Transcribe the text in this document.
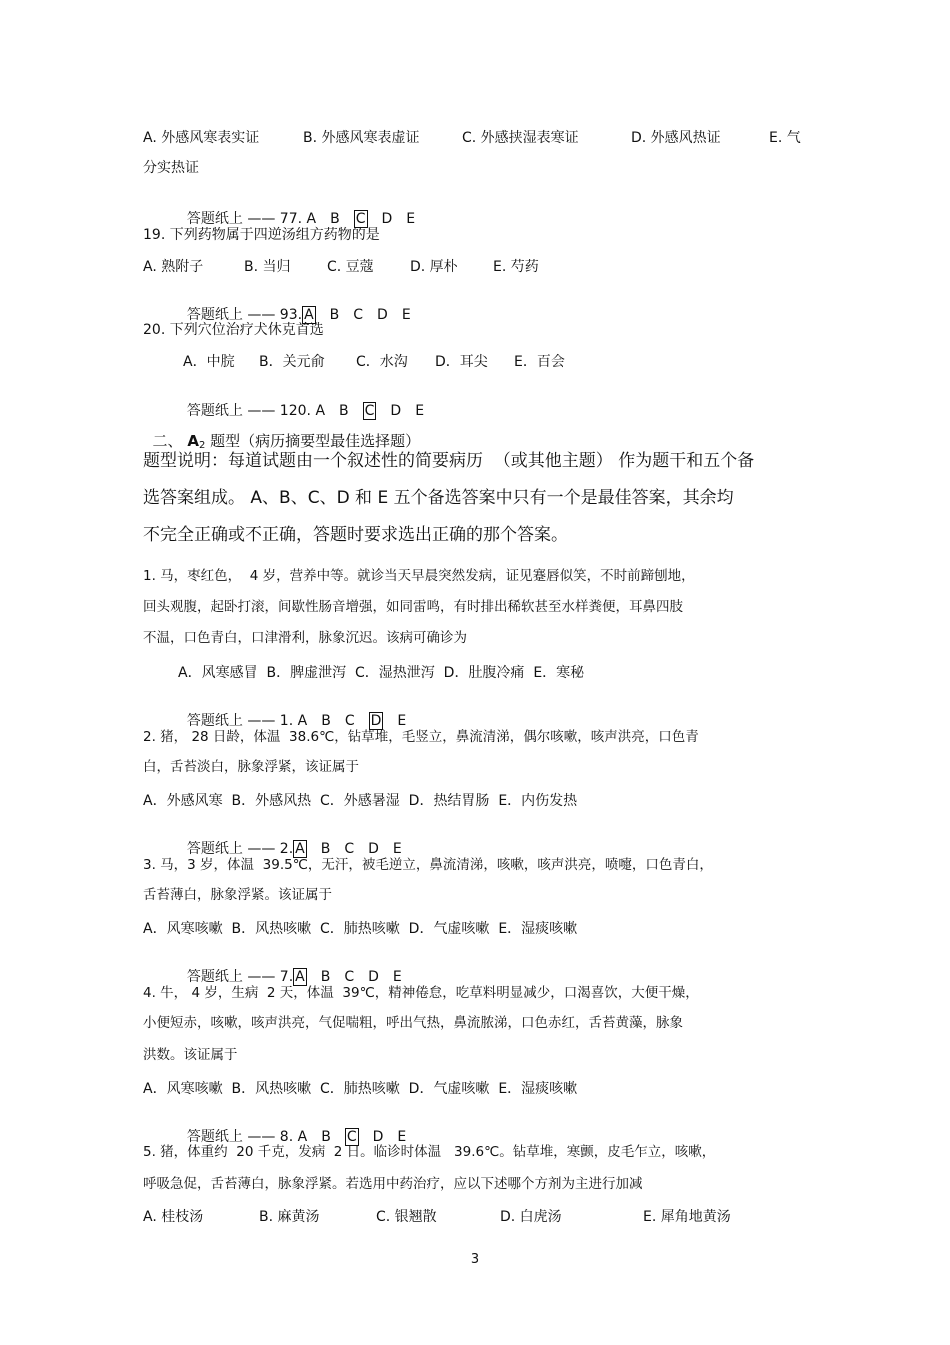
A. 外感风寒表实证	B. 外感风寒表虚证	C. 外感挟湿表寒证	D. 外感风热证	E. 气
分实热证

答题纸上 —— 77. A B C D E

19. 下列药物属于四逆汤组方药物的是
A. 熟附子	B. 当归	C. 豆蔻	D. 厚朴	E. 芍药

答题纸上 —— 93. A B C D E

20. 下列穴位治疗犬休克首选
A．中脘 B．关元俞 C．水沟 D．耳尖 E．百会

答题纸上 —— 120. A B C D E

二、 $A_2$ 题型（病历摘要型最佳选择题）

题型说明：每道试题由一个叙述性的简要病历  （或其他主题） 作为题干和五个备
选答案组成。 A、B、C、D 和 E 五个备选答案中只有一个是最佳答案，其余均
不完全正确或不正确，答题时要求选出正确的那个答案。
1. 马，枣红色，  4 岁，营养中等。就诊当天早晨突然发病，证见蹇唇似笑，不时前蹄刨地，
回头观腹，起卧打滚，间歇性肠音增强，如同雷鸣，有时排出稀软甚至水样粪便，耳鼻四肢
不温，口色青白，口津滑利，脉象沉迟。该病可确诊为
A．风寒感冒  B．脾虚泄泻  C．湿热泄泻  D．肚腹冷痛  E．寒秘

答题纸上 —— 1. A B C D E

2. 猪， 28 日龄，体温  38.6℃，钻草堆，毛竖立，鼻流清涕，偶尔咳嗽，咳声洪亮，口色青
白，舌苔淡白，脉象浮紧，该证属于
A．外感风寒  B．外感风热  C．外感暑湿  D．热结胃肠  E．内伤发热

答题纸上 —— 2. A B C D E

3. 马，3 岁，体温  39.5℃，无汗，被毛逆立，鼻流清涕，咳嗽，咳声洪亮，喷嚏，口色青白，
舌苔薄白，脉象浮紧。该证属于
A．风寒咳嗽  B．风热咳嗽  C．肺热咳嗽  D．气虚咳嗽  E．湿痰咳嗽

答题纸上 —— 7. A B C D E

4. 牛， 4 岁，生病  2 天，体温  39℃，精神倦怠，吃草料明显减少，口渴喜饮，大便干燥，
小便短赤，咳嗽，咳声洪亮，气促喘粗，呼出气热，鼻流脓涕，口色赤红，舌苔黄藻，脉象
洪数。该证属于
A．风寒咳嗽  B．风热咳嗽  C．肺热咳嗽  D．气虚咳嗽  E．湿痰咳嗽

答题纸上 —— 8. A B C D E

5. 猪，体重约  20 千克，发病  2 日。临诊时体温   39.6℃。钻草堆，寒颤，皮毛乍立，咳嗽，
呼吸急促，舌苔薄白，脉象浮紧。若选用中药治疗，应以下述哪个方剂为主进行加减
A. 桂枝汤	B. 麻黄汤	C. 银翘散	D. 白虎汤	E. 犀角地黄汤
3
